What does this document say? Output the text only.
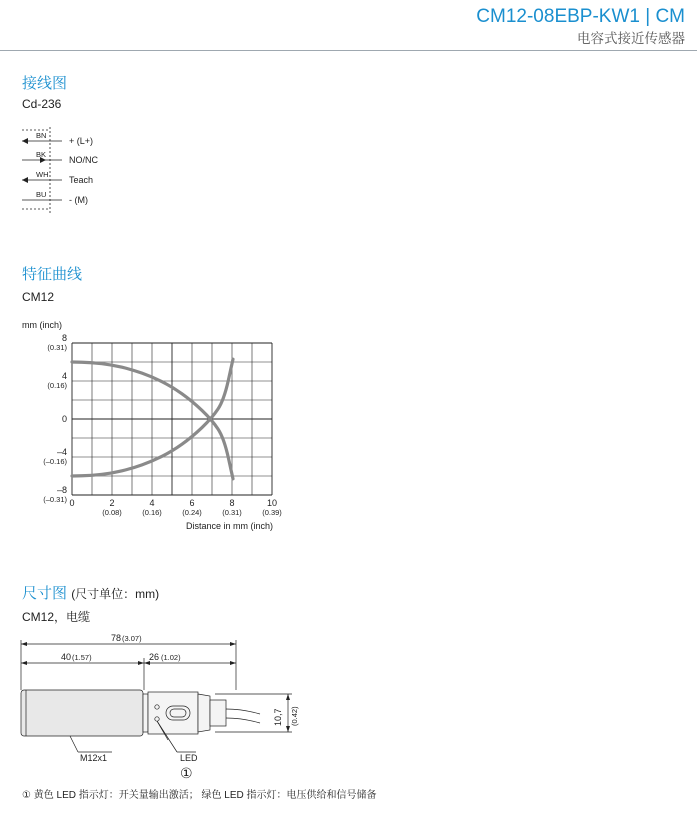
CM12-08EBP-KW1 | CM
电容式接近传感器
接线图
Cd-236
BN
BK
WH
BU
+ (L+)
NO/NC
Teach
- (M)
特征曲线
CM12
mm (inch)
8
(0.31)
4
(0.16)
0
–4
(–0.16)
–8
(–0.31) 0	2
(0.08)
4
(0.16)
6
(0.24)
8
(0.31)
10
(0.39)
Distance in mm (inch)
尺寸图 (尺寸单位：mm)
CM12，电缆
78 (3.07)
40 (1.57)	26 (1.02)
10,7 (0.42)
M12x1	LED
①
① 黄色 LED 指示灯：开关量输出激活； 绿色 LED 指示灯：电压供给和信号储备
